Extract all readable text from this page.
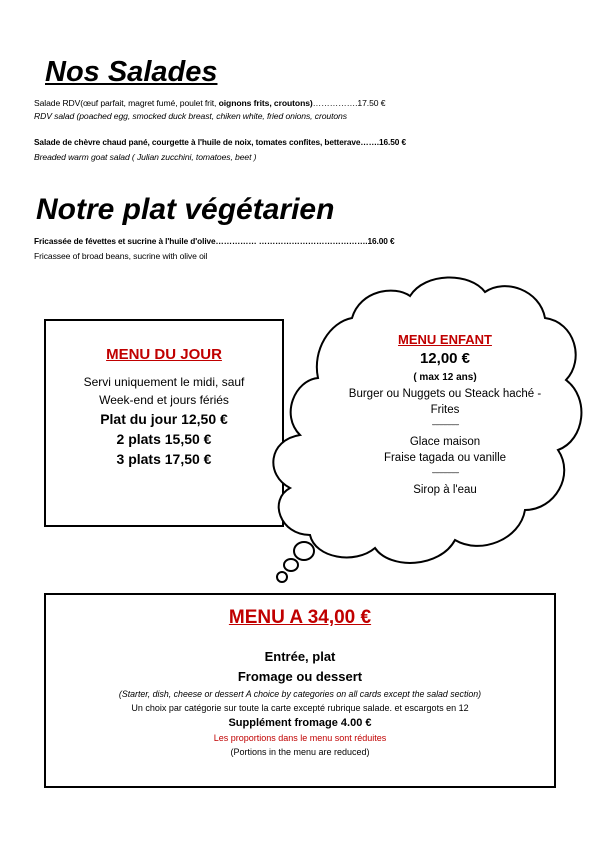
Nos Salades
Salade RDV(œuf parfait, magret fumé, poulet frit, oignons frits, croutons)…………….17.50 €
RDV salad (poached egg, smocked duck breast, chiken white, fried onions, croutons
Salade de chèvre chaud pané, courgette à l'huile de noix, tomates confites, betterave…….16.50 €
Breaded warm goat salad ( Julian zucchini, tomatoes, beet )
Notre plat végétarien
Fricassée de févettes et sucrine à l'huile d'olive…………… ………………………………….16.00 €
Fricassee of broad beans, sucrine with olive oil
MENU DU JOUR
Servi uniquement le midi, sauf
Week-end et jours fériés
Plat du jour 12,50 €
2 plats 15,50 €
3 plats 17,50 €
MENU ENFANT
12,00 €
( max 12 ans)
Burger ou Nuggets ou Steack haché -
Frites
--------------------
Glace maison
Fraise tagada ou vanille
--------------------
Sirop à l'eau
MENU A 34,00 €
Entrée, plat
Fromage ou dessert
(Starter, dish, cheese or dessert A choice by categories on all cards except the salad section)
Un choix par catégorie sur toute la carte excepté rubrique salade. et escargots en 12
Supplément fromage 4.00 €
Les proportions dans le menu sont réduites
(Portions in the menu are reduced)
